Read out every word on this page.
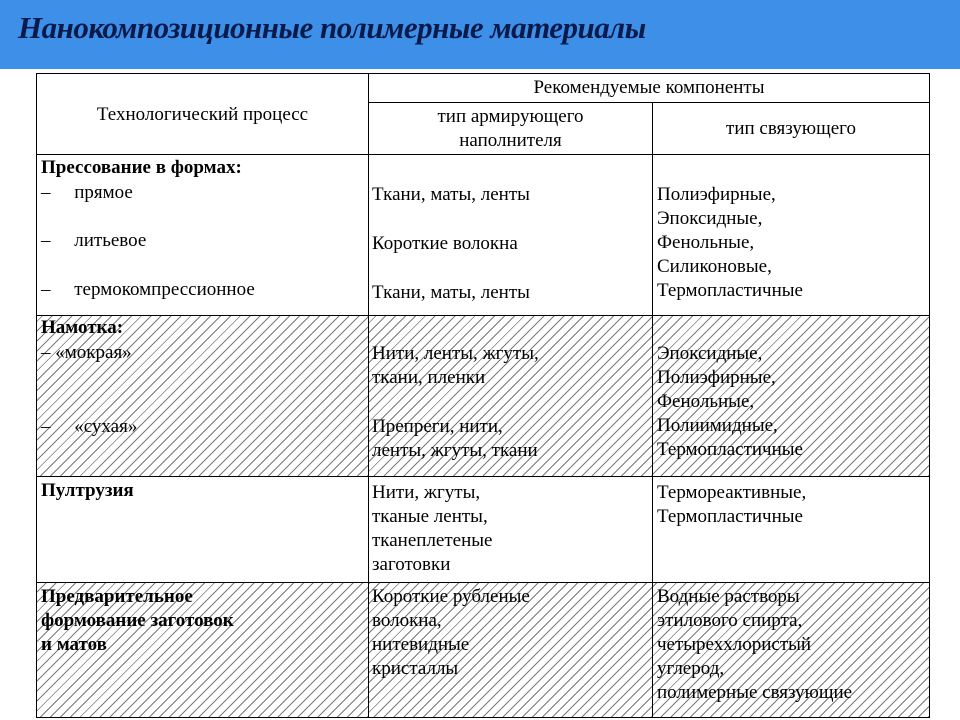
Нанокомпозиционные полимерные материалы
Технологический процесс
Рекомендуемые компоненты
тип армирующего
наполнителя
тип связующего
Прессование в формах:
–     прямое
–     литьевое
–     термокомпрессионное
Ткани, маты, ленты
Короткие волокна
Ткани, маты, ленты
Полиэфирные,
Эпоксидные,
Фенольные,
Силиконовые,
Термопластичные
Намотка:
– «мокрая»
–     «сухая»
Нити, ленты, жгуты,
ткани, пленки
Препреги, нити,
ленты, жгуты, ткани
Эпоксидные,
Полиэфирные,
Фенольные,
Полиимидные,
Термопластичные
Пултрузия	Нити, жгуты,
тканые ленты,
тканеплетеные
заготовки
Термореактивные,
Термопластичные
Предварительное
формование заготовок
и матов
Короткие рубленые
волокна,
нитевидные
кристаллы
Водные растворы
этилового спирта,
четыреххлористый
углерод,
полимерные связующие
